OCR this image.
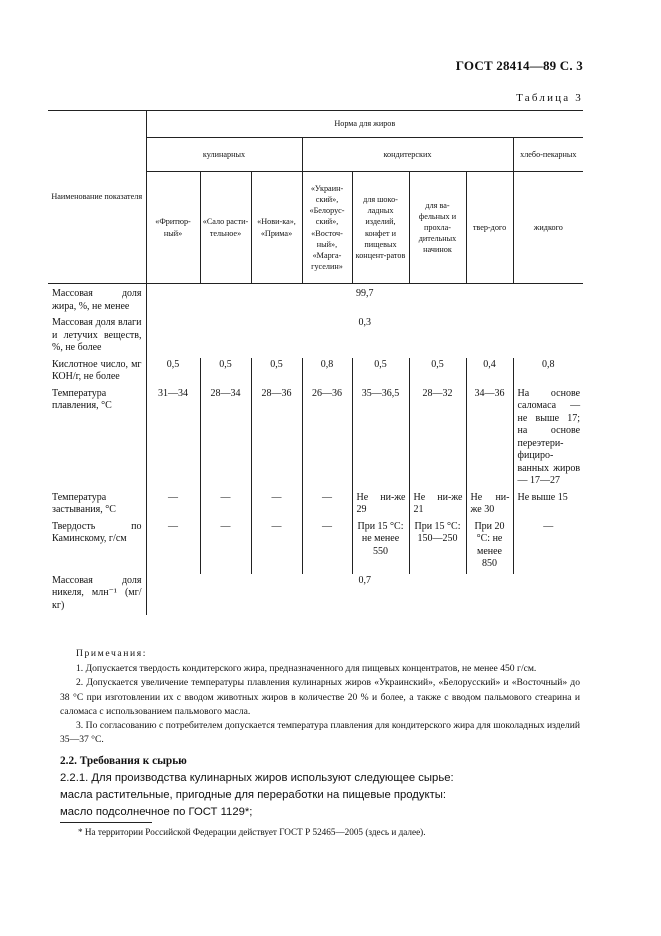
ГОСТ 28414—89 С. 3
Таблица 3
Наименование показателя	Норма для жиров							
	кулинарных			кондитерских				хлебо-пекарных
	«Фритюр-ный»	«Сало расти-тельное»	«Нови-ка», «Прима»	«Украин-ский», «Белорус-ский», «Восточ-ный», «Марга-гуселин»	для шоко-ладных изделий, конфет и пищевых концент-ратов	для ва-фельных и прохла-дительных начинок	твер-дого	жидкого
Массовая доля жира, %, не менее	99,7							
Массовая доля влаги и летучих веществ, %, не более	0,3							
Кислотное число, мг КОН/г, не более	0,5	0,5	0,5	0,8	0,5	0,5	0,4	0,8
Температура плавления, °С	31—34	28—34	28—36	26—36	35—36,5	28—32	34—36	На основе саломаса — не выше 17; на основе переэтери-фициро-ванных жиров — 17—27
Температура застывания, °С	—	—	—	—	Не ни-же 29	Не ни-же 21	Не ни-же 30	Не выше 15
Твердость по Каминскому, г/см	—	—	—	—	При 15 °С: не менее 550	При 15 °С: 150—250	При 20 °С: не менее 850	—
Массовая доля никеля, млн⁻¹ (мг/кг)	0,7							

Примечания:

1. Допускается твердость кондитерского жира, предназначенного для пищевых концентратов, не менее 450 г/см.

2. Допускается увеличение температуры плавления кулинарных жиров «Украинский», «Белорусский» и «Восточный» до 38 °С при изготовлении их с вводом животных жиров в количестве 20 % и более, а также с вводом пальмового стеарина и саломаса с использованием пальмового масла.

3. По согласованию с потребителем допускается температура плавления для кондитерского жира для шоколадных изделий 35—37 °С.

2.2. Требования к сырью

2.2.1. Для производства кулинарных жиров используют следующее сырье:

масла растительные, пригодные для переработки на пищевые продукты:

масло подсолнечное по ГОСТ 1129*;

* На территории Российской Федерации действует ГОСТ Р 52465—2005 (здесь и далее).
